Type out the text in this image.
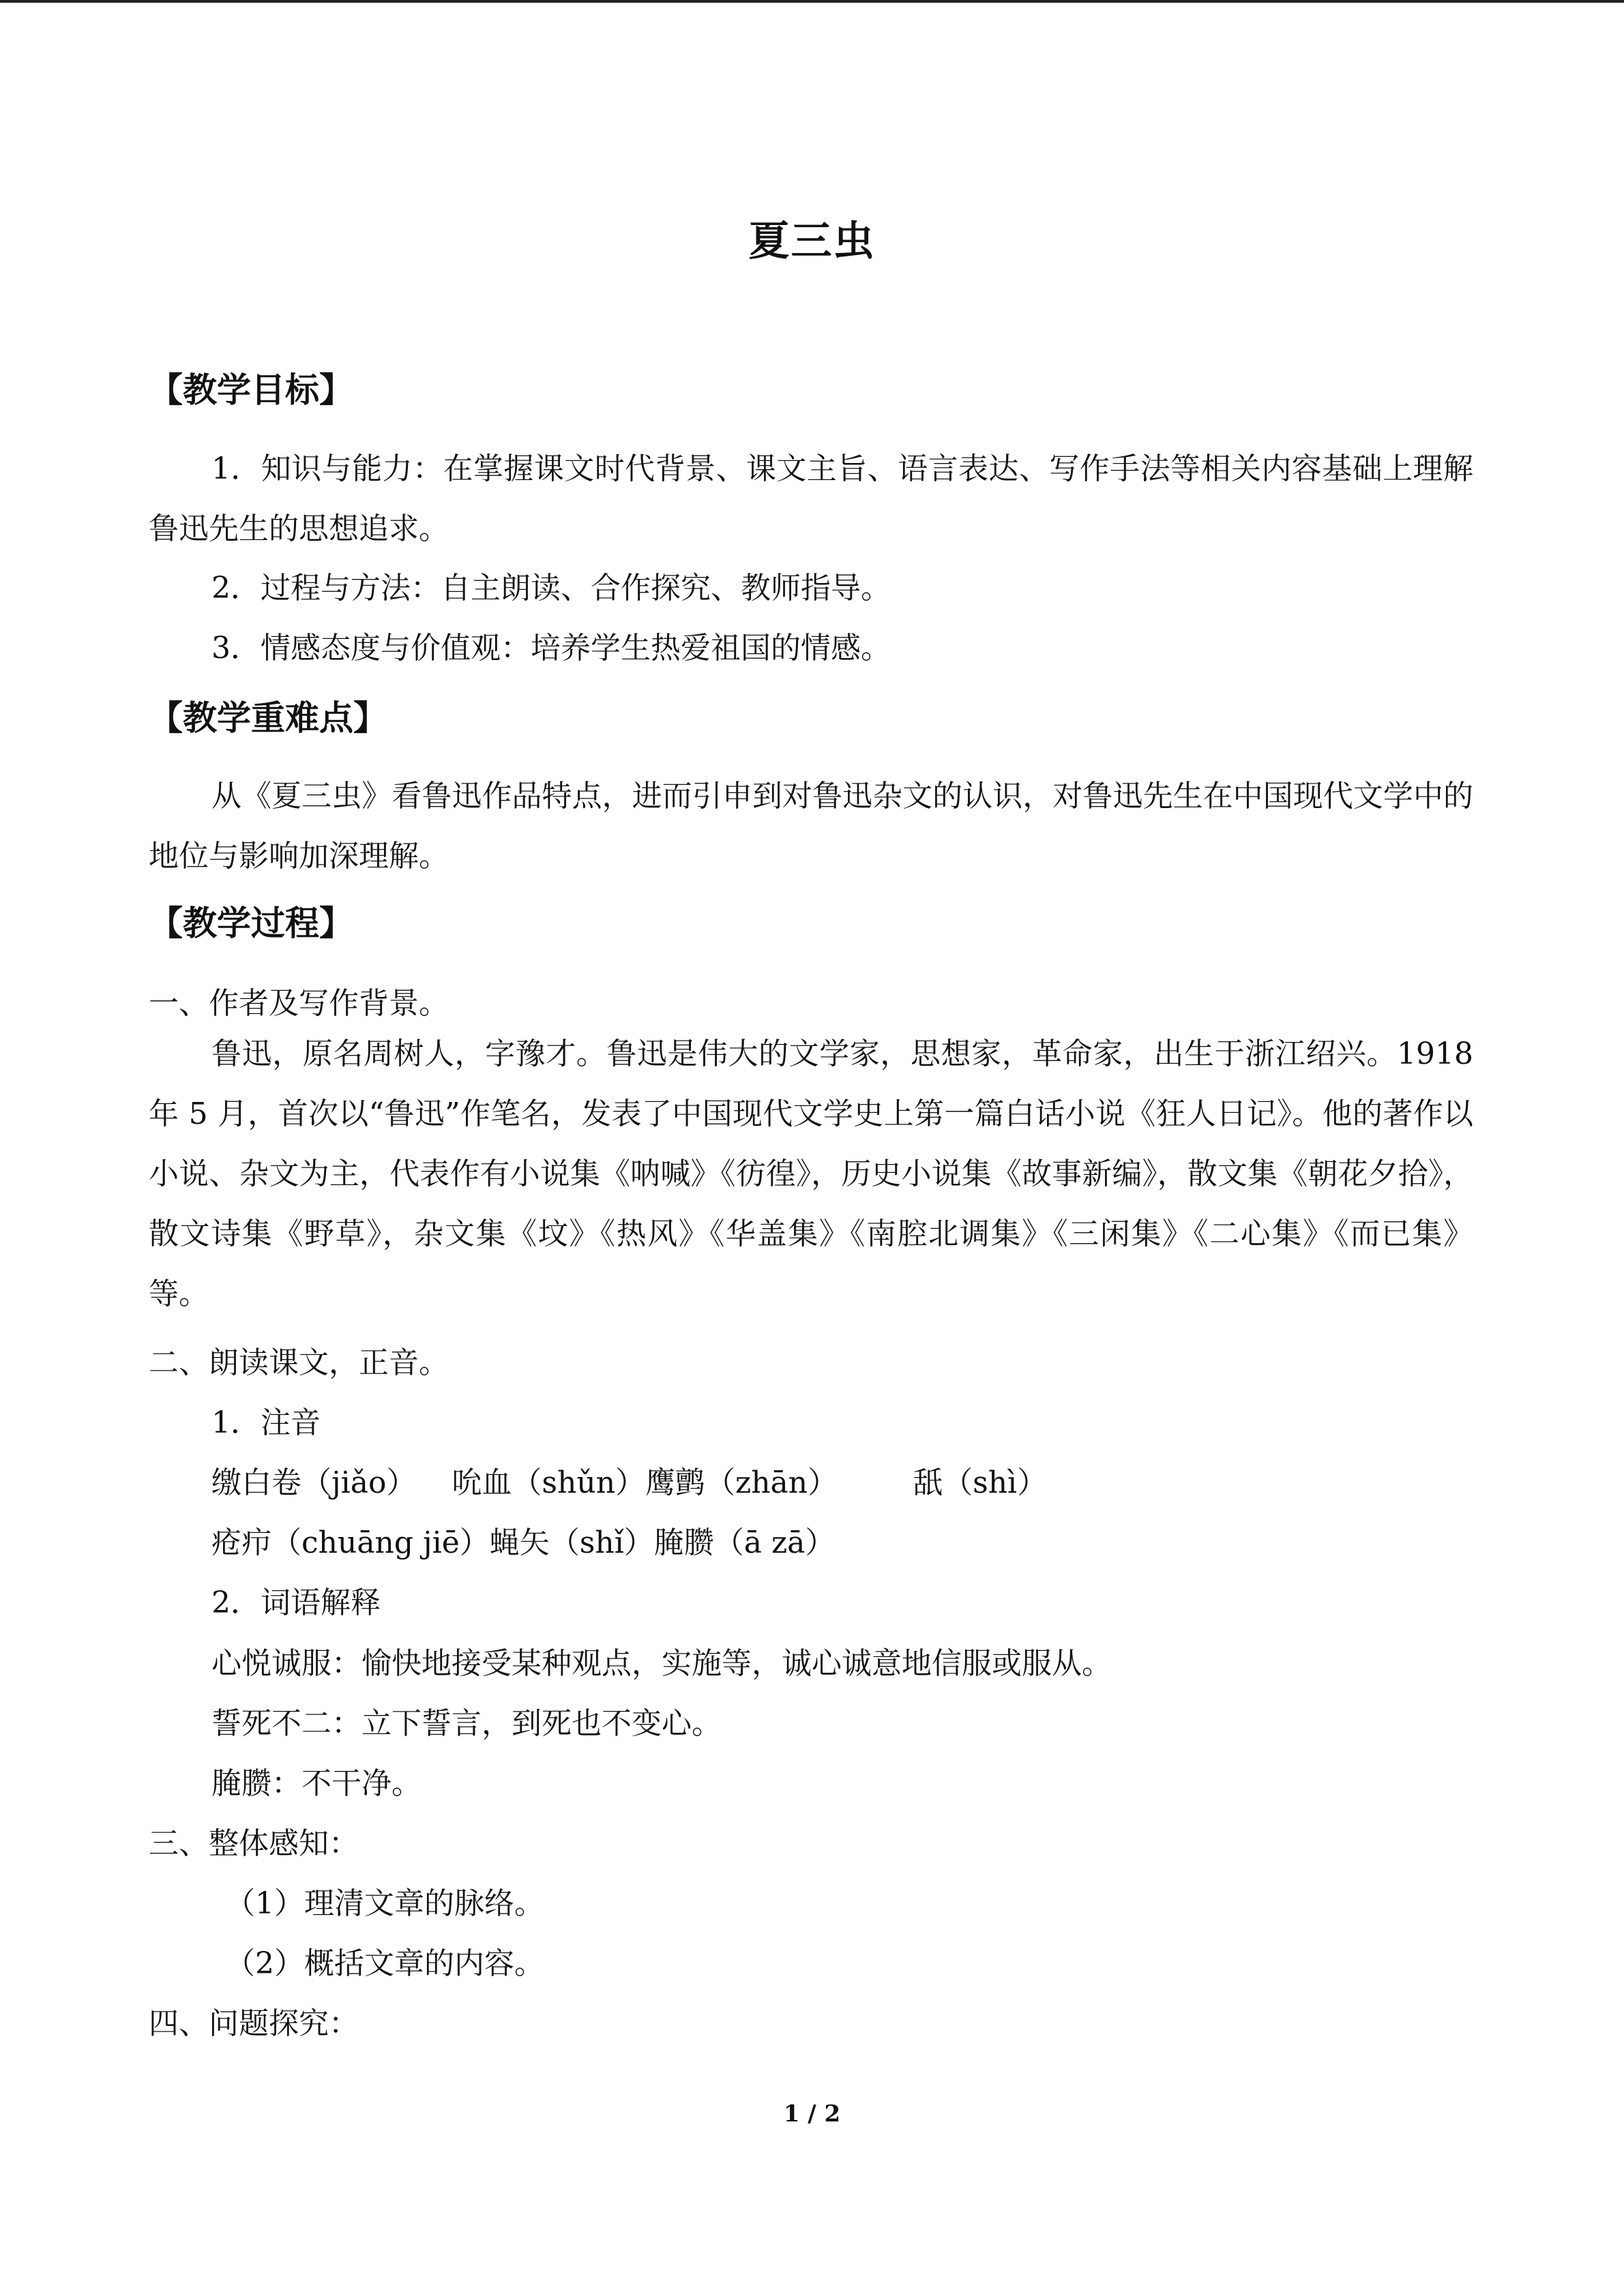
夏三虫
【教学目标】
1．知识与能力：在掌握课文时代背景、课文主旨、语言表达、写作手法等相关内容基础上理解鲁迅先生的思想追求。
2．过程与方法：自主朗读、合作探究、教师指导。
3．情感态度与价值观：培养学生热爱祖国的情感。
【教学重难点】
从《夏三虫》看鲁迅作品特点，进而引申到对鲁迅杂文的认识，对鲁迅先生在中国现代文学中的地位与影响加深理解。
【教学过程】
一、作者及写作背景。
鲁迅，原名周树人，字豫才。鲁迅是伟大的文学家，思想家，革命家，出生于浙江绍兴。1918 年 5 月，首次以“鲁迅”作笔名，发表了中国现代文学史上第一篇白话小说《狂人日记》。他的著作以小说、杂文为主，代表作有小说集《呐喊》《彷徨》，历史小说集《故事新编》，散文集《朝花夕拾》，散文诗集《野草》，杂文集《坟》《热风》《华盖集》《南腔北调集》《三闲集》《二心集》《而已集》等。
二、朗读课文，正音。
1．注音
缴白卷（jiǎo） 吮血（shǔn）鹰鹯（zhān）	舐（shì）
疮疖（chuāng jiē）蝇矢（shǐ）腌臜（ā zā）
2．词语解释
心悦诚服：愉快地接受某种观点，实施等，诚心诚意地信服或服从。
誓死不二：立下誓言，到死也不变心。
腌臜：不干净。
三、整体感知：
（1）理清文章的脉络。
（2）概括文章的内容。
四、问题探究：
1 / 2
